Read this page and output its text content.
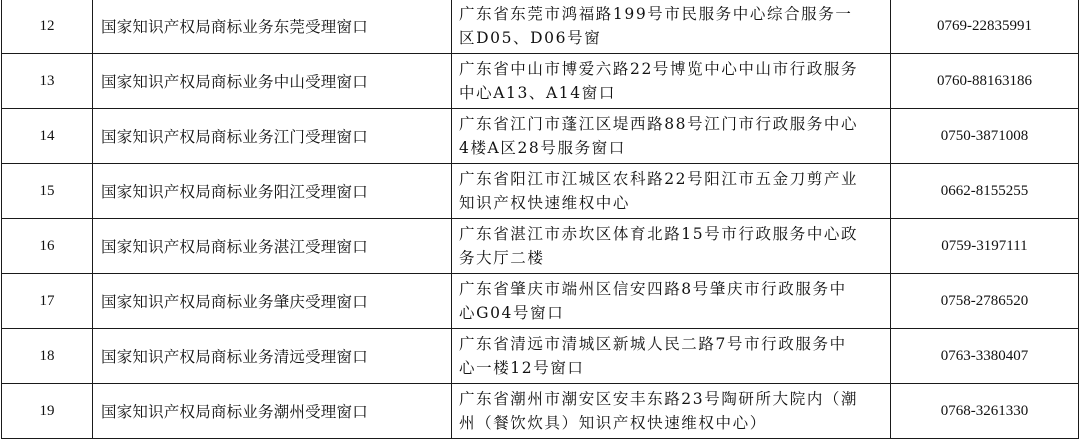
12	国家知识产权局商标业务东莞受理窗口	广东省东莞市鸿福路199号市民服务中心综合服务一
区D05、D06号窗	0769-22835991
13	国家知识产权局商标业务中山受理窗口	广东省中山市博爱六路22号博览中心中山市行政服务
中心A13、A14窗口	0760-88163186
14	国家知识产权局商标业务江门受理窗口	广东省江门市蓬江区堤西路88号江门市行政服务中心
4楼A区28号服务窗口	0750-3871008
15	国家知识产权局商标业务阳江受理窗口	广东省阳江市江城区农科路22号阳江市五金刀剪产业
知识产权快速维权中心	0662-8155255
16	国家知识产权局商标业务湛江受理窗口	广东省湛江市赤坎区体育北路15号市行政服务中心政
务大厅二楼	0759-3197111
17	国家知识产权局商标业务肇庆受理窗口	广东省肇庆市端州区信安四路8号肇庆市行政服务中
心G04号窗口	0758-2786520
18	国家知识产权局商标业务清远受理窗口	广东省清远市清城区新城人民二路7号市行政服务中
心一楼12号窗口	0763-3380407
19	国家知识产权局商标业务潮州受理窗口	广东省潮州市潮安区安丰东路23号陶研所大院内（潮
州（餐饮炊具）知识产权快速维权中心）	0768-3261330
